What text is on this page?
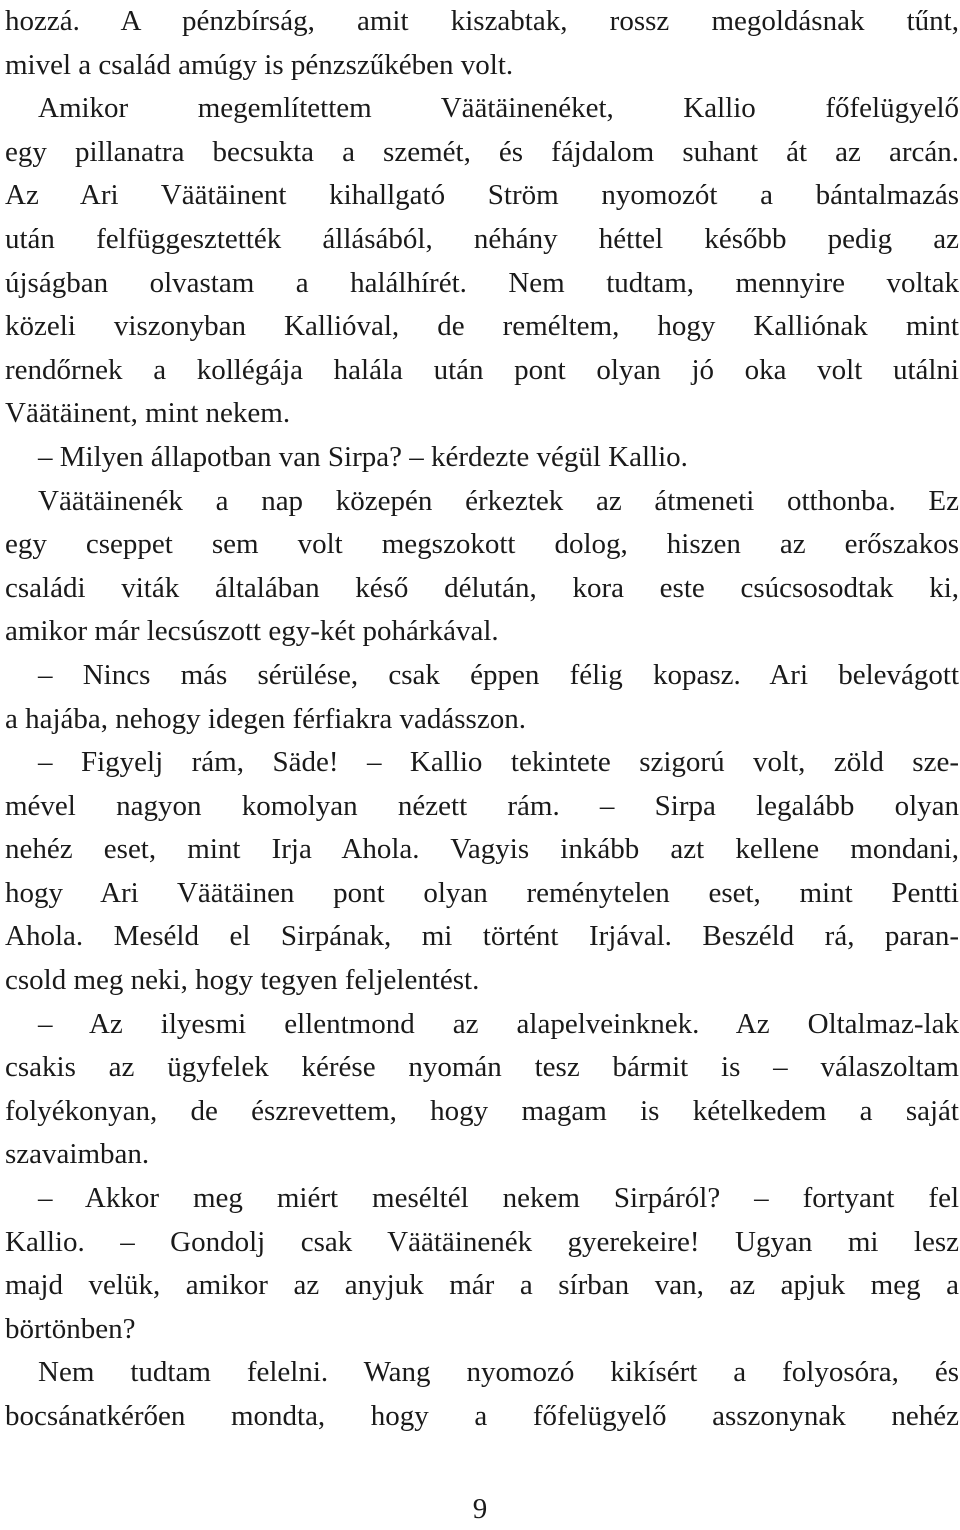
hozzá. A pénzbírság, amit kiszabtak, rossz megoldásnak tűnt,
mivel a család amúgy is pénzszűkében volt.
Amikor megemlítettem Väätäinenéket, Kallio főfelügyelő
egy pillanatra becsukta a szemét, és fájdalom suhant át az arcán.
Az Ari Väätäinent kihallgató Ström nyomozót a bántalmazás
után felfüggesztették állásából, néhány héttel később pedig az
újságban olvastam a halálhírét. Nem tudtam, mennyire voltak
közeli viszonyban Kallióval, de reméltem, hogy Kalliónak mint
rendőrnek a kollégája halála után pont olyan jó oka volt utálni
Väätäinent, mint nekem.
– Milyen állapotban van Sirpa? – kérdezte végül Kallio.
Väätäinenék a nap közepén érkeztek az átmeneti otthonba. Ez
egy cseppet sem volt megszokott dolog, hiszen az erőszakos
családi viták általában késő délután, kora este csúcsosodtak ki,
amikor már lecsúszott egy-két pohárkával.
– Nincs más sérülése, csak éppen félig kopasz. Ari belevágott
a hajába, nehogy idegen férfiakra vadásszon.
– Figyelj rám, Säde! – Kallio tekintete szigorú volt, zöld sze-
mével nagyon komolyan nézett rám. – Sirpa legalább olyan
nehéz eset, mint Irja Ahola. Vagyis inkább azt kellene mondani,
hogy Ari Väätäinen pont olyan reménytelen eset, mint Pentti
Ahola. Meséld el Sirpának, mi történt Irjával. Beszéld rá, paran-
csold meg neki, hogy tegyen feljelentést.
– Az ilyesmi ellentmond az alapelveinknek. Az Oltalmaz-lak
csakis az ügyfelek kérése nyomán tesz bármit is – válaszoltam
folyékonyan, de észrevettem, hogy magam is kételkedem a saját
szavaimban.
– Akkor meg miért meséltél nekem Sirpáról? – fortyant fel
Kallio. – Gondolj csak Väätäinenék gyerekeire! Ugyan mi lesz
majd velük, amikor az anyjuk már a sírban van, az apjuk meg a
börtönben?
Nem tudtam felelni. Wang nyomozó kikísért a folyosóra, és
bocsánatkérően mondta, hogy a főfelügyelő asszonynak nehéz
9
